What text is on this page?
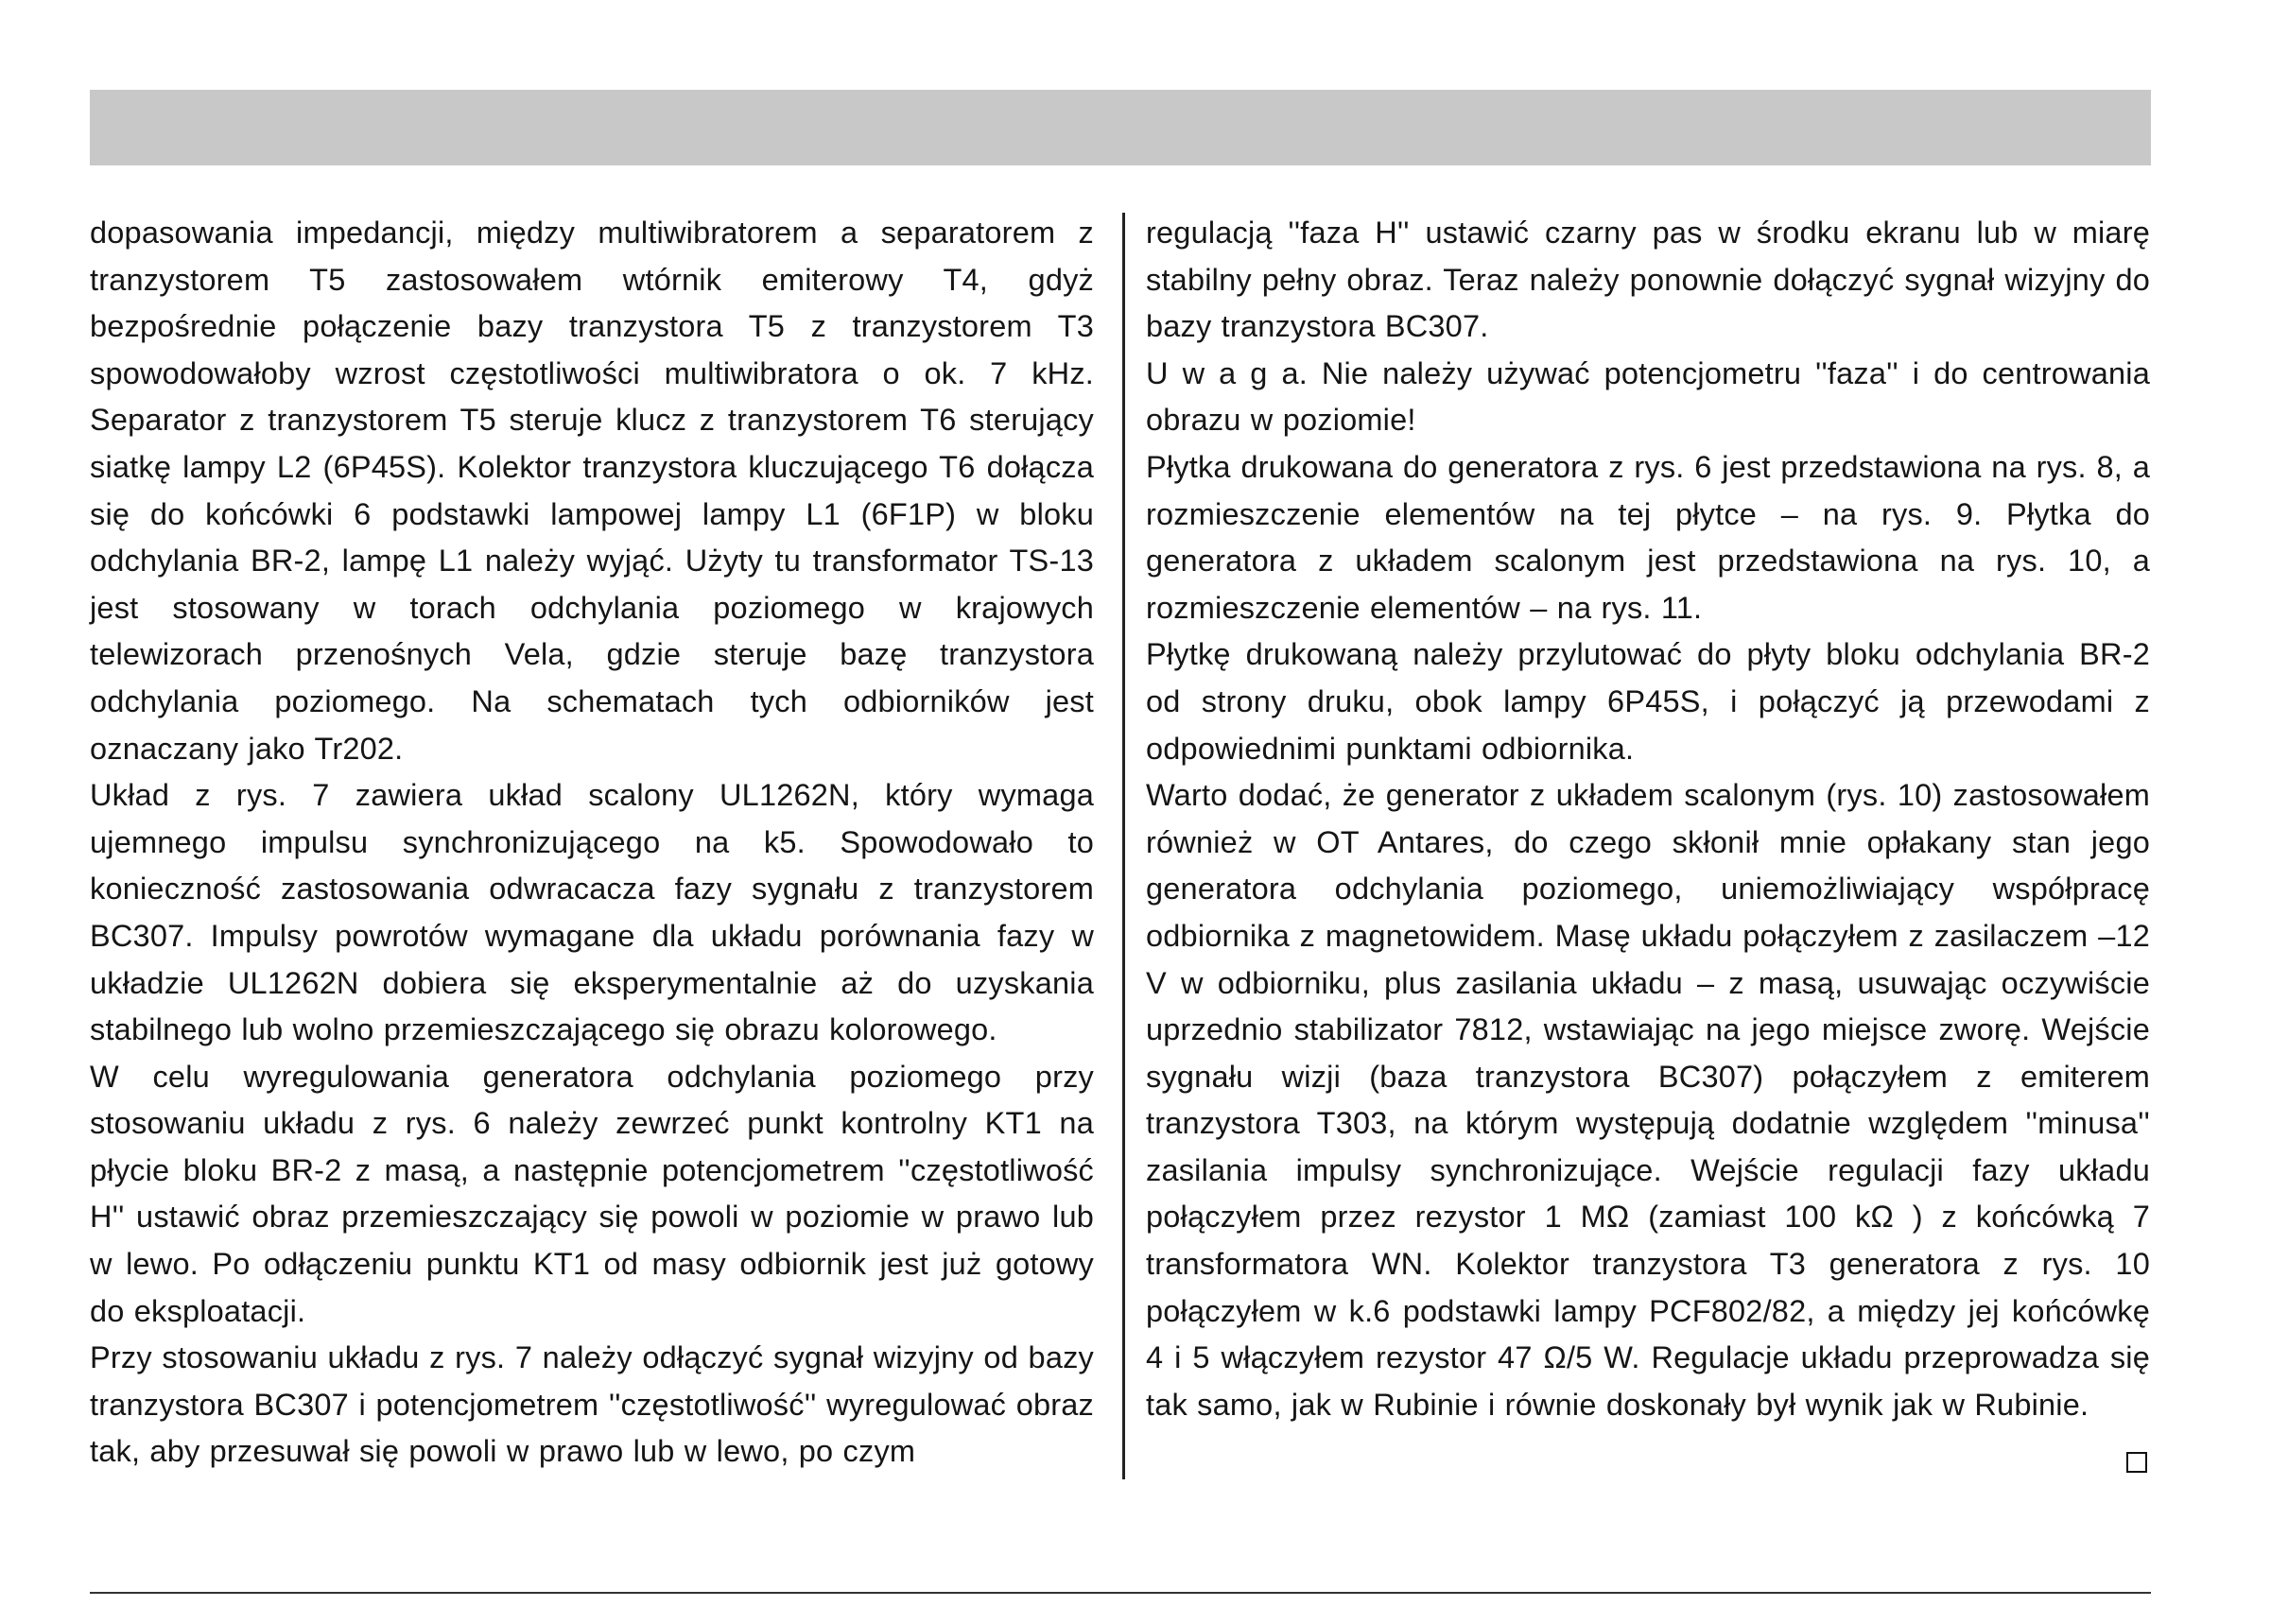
dopasowania impedancji, między multiwibratorem a separatorem z tranzystorem T5 zastosowałem wtórnik emiterowy T4, gdyż bezpośrednie połączenie bazy tranzystora T5 z tranzystorem T3 spowodowałoby wzrost częstotliwości multiwibratora o ok. 7 kHz. Separator z tranzystorem T5 steruje klucz z tranzystorem T6 sterujący siatkę lampy L2 (6P45S). Kolektor tranzystora kluczującego T6 dołącza się do końcówki 6 podstawki lampowej lampy L1 (6F1P) w bloku odchylania BR-2, lampę L1 należy wyjąć. Użyty tu transformator TS-13 jest stosowany w torach odchylania poziomego w krajowych telewizorach przenośnych Vela, gdzie steruje bazę tranzystora odchylania poziomego. Na schematach tych odbiorników jest oznaczany jako Tr202.

Układ z rys. 7 zawiera układ scalony UL1262N, który wymaga ujemnego impulsu synchronizującego na k5. Spowodowało to konieczność zastosowania odwracacza fazy sygnału z tranzystorem BC307. Impulsy powrotów wymagane dla układu porównania fazy w układzie UL1262N dobiera się eksperymentalnie aż do uzyskania stabilnego lub wolno przemieszczającego się obrazu kolorowego.

W celu wyregulowania generatora odchylania poziomego przy stosowaniu układu z rys. 6 należy zewrzeć punkt kontrolny KT1 na płycie bloku BR-2 z masą, a następnie potencjometrem ''częstotliwość H'' ustawić obraz przemieszczający się powoli w poziomie w prawo lub w lewo. Po odłączeniu punktu KT1 od masy odbiornik jest już gotowy do eksploatacji.

Przy stosowaniu układu z rys. 7 należy odłączyć sygnał wizyjny od bazy tranzystora BC307 i potencjometrem ''częstotliwość'' wyregulować obraz tak, aby przesuwał się powoli w prawo lub w lewo, po czym

regulacją ''faza H'' ustawić czarny pas w środku ekranu lub w miarę stabilny pełny obraz. Teraz należy ponownie dołączyć sygnał wizyjny do bazy tranzystora BC307.

U w a g a. Nie należy używać potencjometru ''faza'' i do centrowania obrazu w poziomie!

Płytka drukowana do generatora z rys. 6 jest przedstawiona na rys. 8, a rozmieszczenie elementów na tej płytce – na rys. 9. Płytka do generatora z układem scalonym jest przedstawiona na rys. 10, a rozmieszczenie elementów – na rys. 11.

Płytkę drukowaną należy przylutować do płyty bloku odchylania BR-2 od strony druku, obok lampy 6P45S, i połączyć ją przewodami z odpowiednimi punktami odbiornika.

Warto dodać, że generator z układem scalonym (rys. 10) zastosowałem również w OT Antares, do czego skłonił mnie opłakany stan jego generatora odchylania poziomego, uniemożliwiający współpracę odbiornika z magnetowidem. Masę układu połączyłem z zasilaczem –12 V w odbiorniku, plus zasilania układu – z masą, usuwając oczywiście uprzednio stabilizator 7812, wstawiając na jego miejsce zworę. Wejście sygnału wizji (baza tranzystora BC307) połączyłem z emiterem tranzystora T303, na którym występują dodatnie względem ''minusa'' zasilania impulsy synchronizujące. Wejście regulacji fazy układu połączyłem przez rezystor 1 MΩ (zamiast 100 kΩ ) z końcówką 7 transformatora WN. Kolektor tranzystora T3 generatora z rys. 10 połączyłem w k.6 podstawki lampy PCF802/82, a między jej końcówkę 4 i 5 włączyłem rezystor 47 Ω/5 W. Regulacje układu przeprowadza się tak samo, jak w Rubinie i równie doskonały był wynik jak w Rubinie.
